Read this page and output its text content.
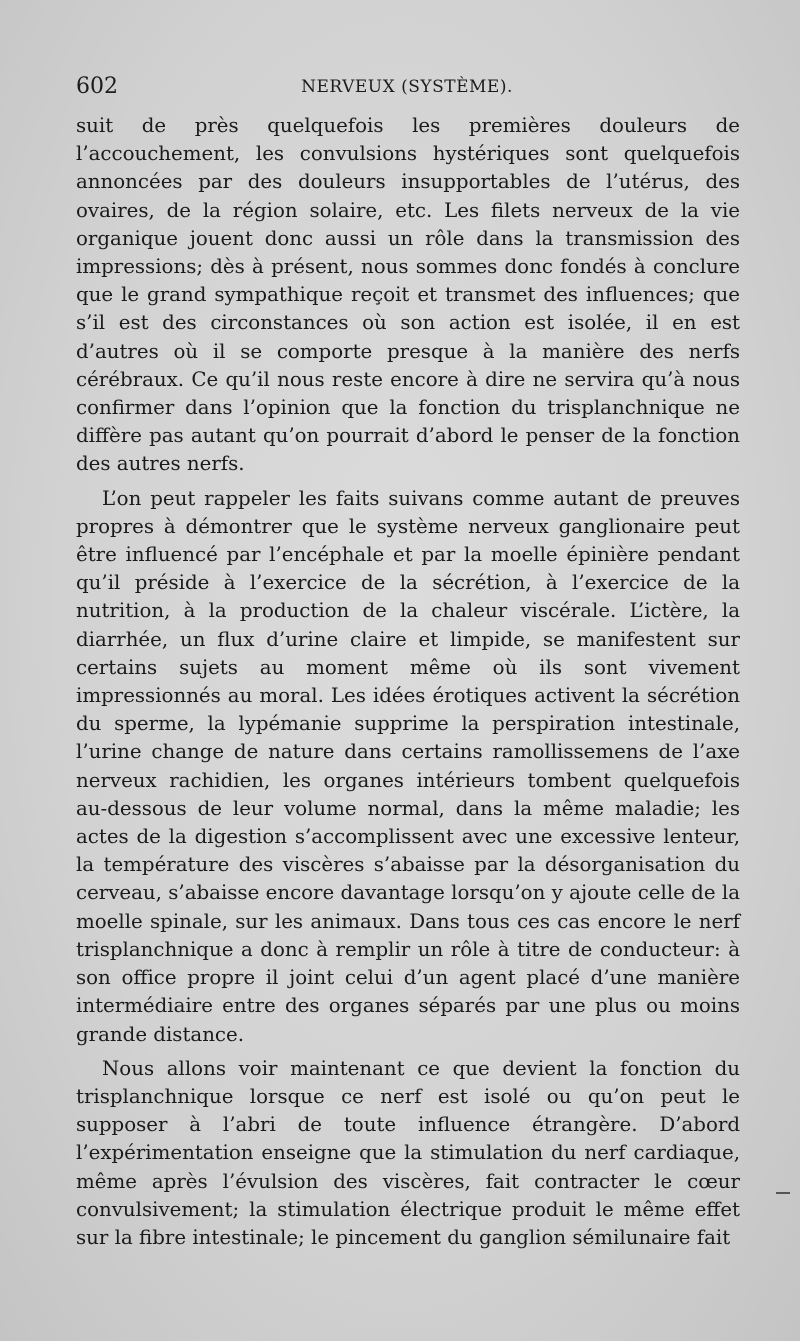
602	NERVEUX (SYSTÈME).

suit de près quelquefois les premières douleurs de l’accouchement, les convulsions hystériques sont quelquefois annoncées par des douleurs insupportables de l’utérus, des ovaires, de la région solaire, etc. Les filets nerveux de la vie organique jouent donc aussi un rôle dans la transmission des impressions; dès à présent, nous sommes donc fondés à conclure que le grand sympathique reçoit et transmet des influences; que s’il est des circonstances où son action est isolée, il en est d’autres où il se comporte presque à la manière des nerfs cérébraux. Ce qu’il nous reste encore à dire ne servira qu’à nous confirmer dans l’opinion que la fonction du trisplanchnique ne diffère pas autant qu’on pourrait d’abord le penser de la fonction des autres nerfs.

L’on peut rappeler les faits suivans comme autant de preuves propres à démontrer que le système nerveux ganglionaire peut être influencé par l’encéphale et par la moelle épinière pendant qu’il préside à l’exercice de la sécrétion, à l’exercice de la nutrition, à la production de la chaleur viscérale. L’ictère, la diarrhée, un flux d’urine claire et limpide, se manifestent sur certains sujets au moment même où ils sont vivement impressionnés au moral. Les idées érotiques activent la sécrétion du sperme, la lypémanie supprime la perspiration intestinale, l’urine change de nature dans certains ramollissemens de l’axe nerveux rachidien, les organes intérieurs tombent quelquefois au-dessous de leur volume normal, dans la même maladie; les actes de la digestion s’accomplissent avec une excessive lenteur, la température des viscères s’abaisse par la désorganisation du cerveau, s’abaisse encore davantage lorsqu’on y ajoute celle de la moelle spinale, sur les animaux. Dans tous ces cas encore le nerf trisplanchnique a donc à remplir un rôle à titre de conducteur: à son office propre il joint celui d’un agent placé d’une manière intermédiaire entre des organes séparés par une plus ou moins grande distance.

Nous allons voir maintenant ce que devient la fonction du trisplanchnique lorsque ce nerf est isolé ou qu’on peut le supposer à l’abri de toute influence étrangère. D’abord l’expérimentation enseigne que la stimulation du nerf cardiaque, même après l’évulsion des viscères, fait contracter le cœur convulsivement; la stimulation électrique produit le même effet sur la fibre intestinale; le pincement du ganglion sémilunaire fait
